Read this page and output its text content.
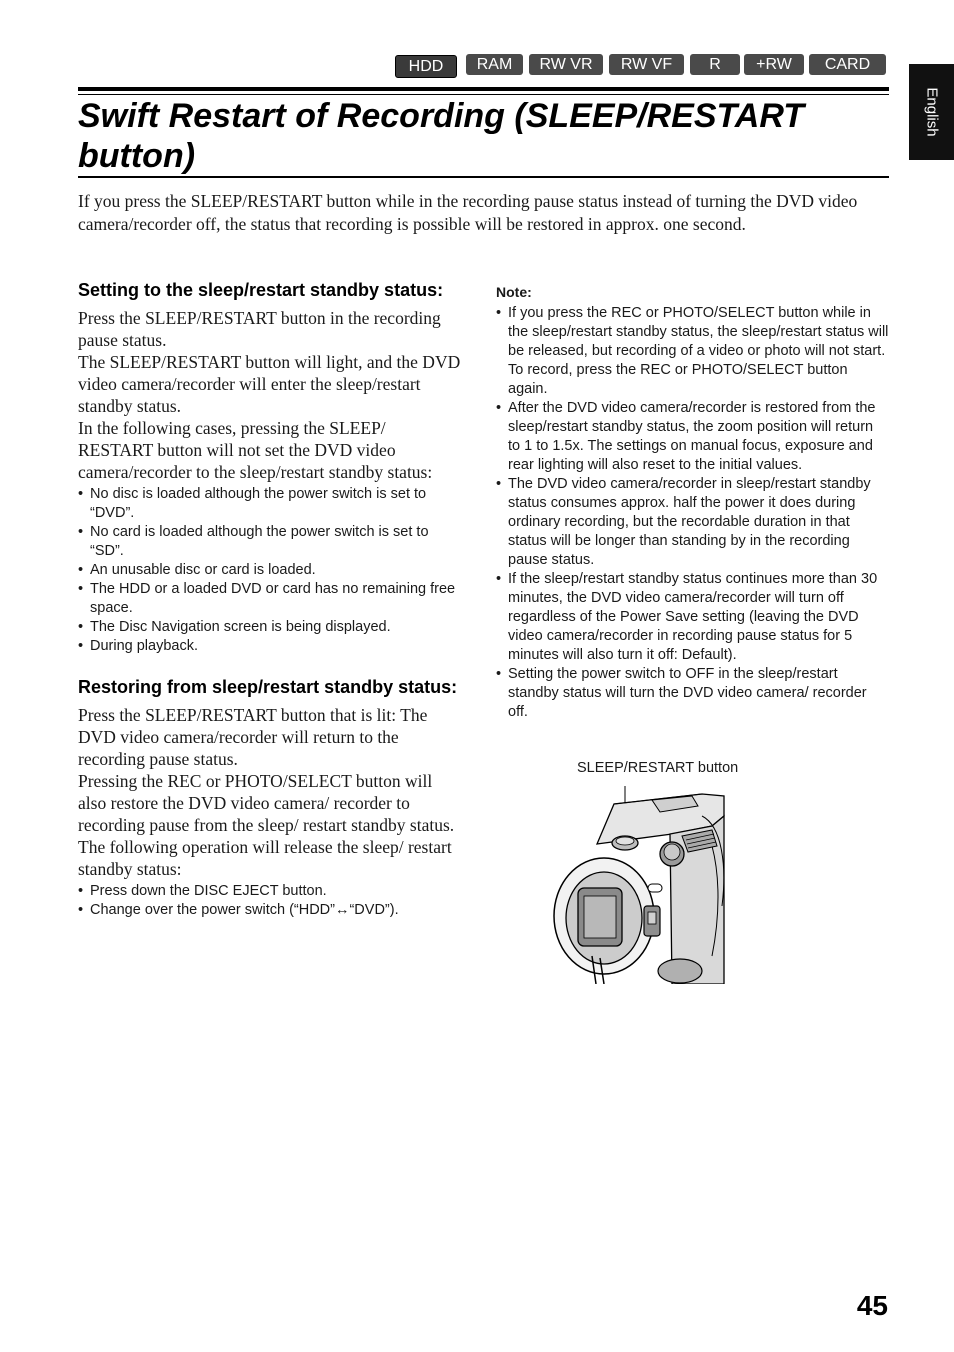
HDD	RAM	RW VR	RW VF	R	+RW	CARD
English
Swift Restart of Recording (SLEEP/RESTART button)

If you press the SLEEP/RESTART button while in the recording pause status instead of turning the DVD video camera/recorder off, the status that recording is possible will be restored in approx. one second.

Setting to the sleep/restart standby status:

Press the SLEEP/RESTART button in the recording pause status.

The SLEEP/RESTART button will light, and the DVD video camera/recorder will enter the sleep/restart standby status.

In the following cases, pressing the SLEEP/ RESTART button will not set the DVD video camera/recorder to the sleep/restart standby status:

• No disc is loaded although the power switch is set to “DVD”.
• No card is loaded although the power switch is set to “SD”.
• An unusable disc or card is loaded.
• The HDD or a loaded DVD or card has no remaining free space.
• The Disc Navigation screen is being displayed.
• During playback.
Restoring from sleep/restart standby status:

Press the SLEEP/RESTART button that is lit: The DVD video camera/recorder will return to the recording pause status.

Pressing the REC or PHOTO/SELECT button will also restore the DVD video camera/ recorder to recording pause from the sleep/ restart standby status.

The following operation will release the sleep/ restart standby status:

• Press down the DISC EJECT button.
• Change over the power switch (“HDD”↔“DVD”).

Note:

• If you press the REC or PHOTO/SELECT button while in the sleep/restart standby status, the sleep/restart status will be released, but recording of a video or photo will not start. To record, press the REC or PHOTO/SELECT button again.
• After the DVD video camera/recorder is restored from the sleep/restart standby status, the zoom position will return to 1 to 1.5x. The settings on manual focus, exposure and rear lighting will also reset to the initial values.
• The DVD video camera/recorder in sleep/restart standby status consumes approx. half the power it does during ordinary recording, but the recordable duration in that status will be longer than standing by in the recording pause status.
• If the sleep/restart standby status continues more than 30 minutes, the DVD video camera/recorder will turn off regardless of the Power Save setting (leaving the DVD video camera/recorder in recording pause status for 5 minutes will also turn it off: Default).
• Setting the power switch to OFF in the sleep/restart standby status will turn the DVD video camera/ recorder off.
SLEEP/RESTART button
45
